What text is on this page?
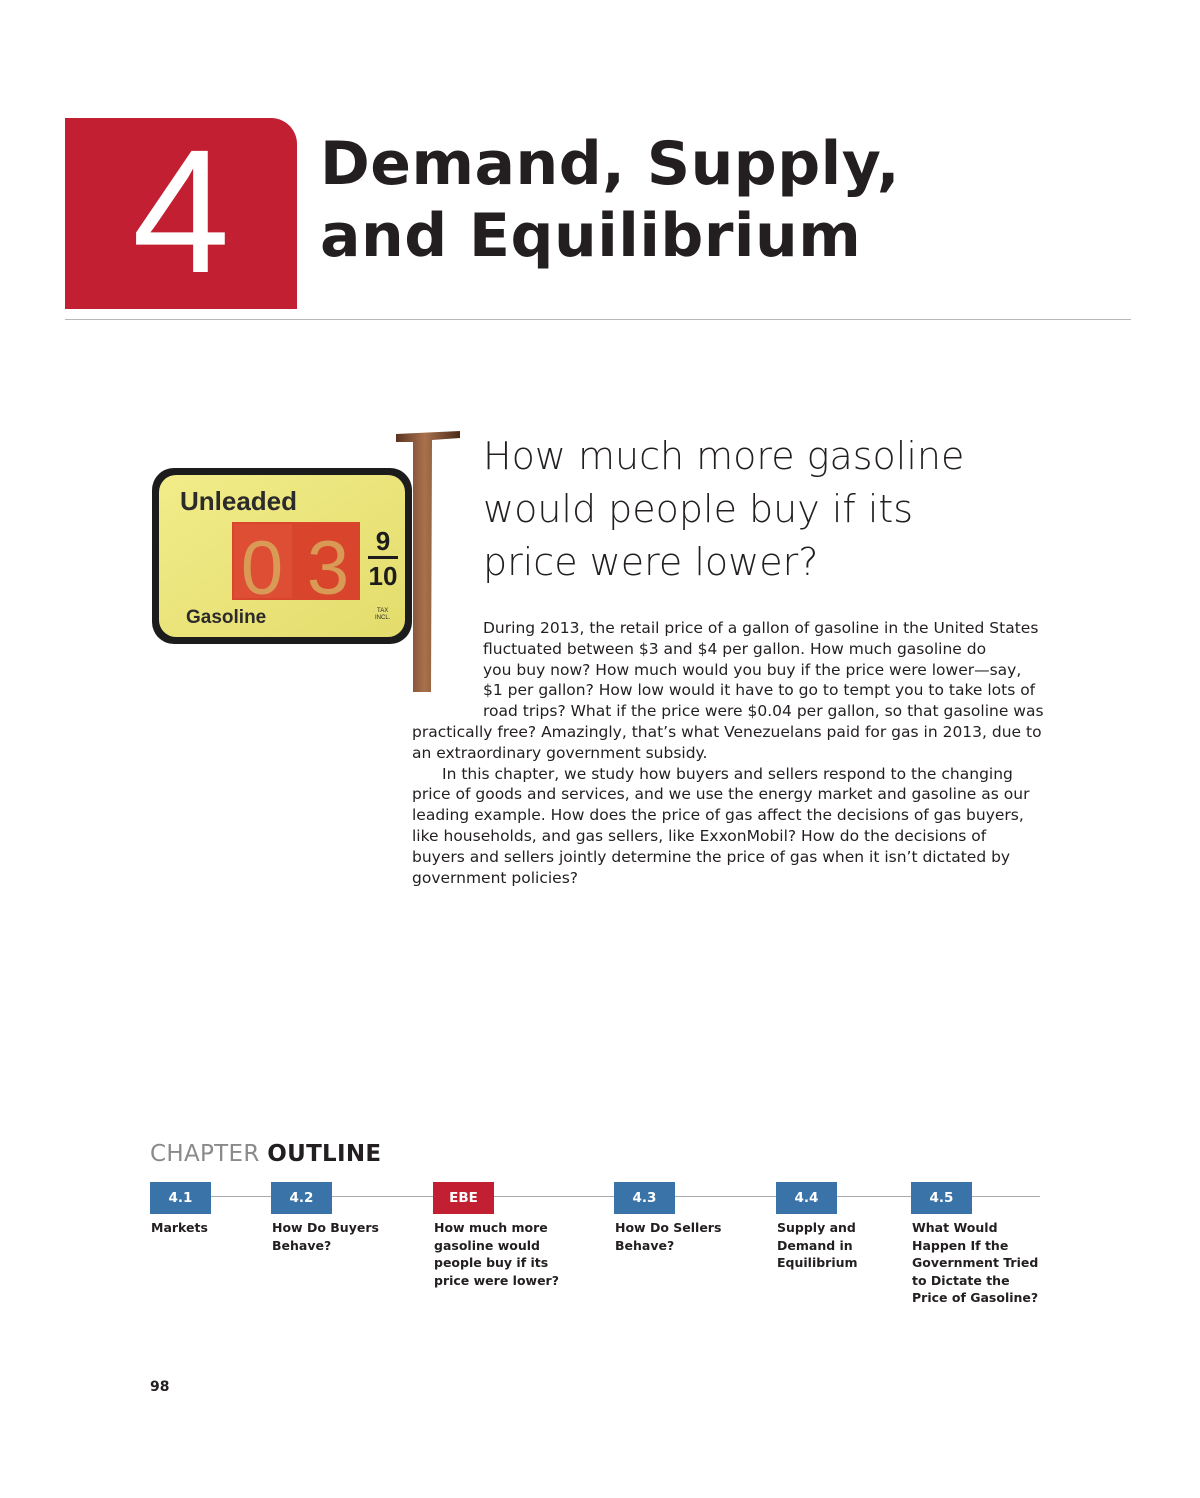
4	Demand, Supply,
and Equilibrium
Unleaded
0 3 9
10
TAX
INCL.
Gasoline
How much more gasoline
would people buy if its
price were lower?
During 2013, the retail price of a gallon of gasoline in the United States
fluctuated between $3 and $4 per gallon. How much gasoline do
you buy now? How much would you buy if the price were lower—say,
$1 per gallon? How low would it have to go to tempt you to take lots of
road trips? What if the price were $0.04 per gallon, so that gasoline was
practically free? Amazingly, that’s what Venezuelans paid for gas in 2013, due to
an extraordinary government subsidy.
In this chapter, we study how buyers and sellers respond to the changing
price of goods and services, and we use the energy market and gasoline as our
leading example. How does the price of gas affect the decisions of gas buyers,
like households, and gas sellers, like ExxonMobil? How do the decisions of
buyers and sellers jointly determine the price of gas when it isn’t dictated by
government policies?
CHAPTER OUTLINE
4.1
Markets
4.2
How Do Buyers
Behave?
EBE
How much more
gasoline would
people buy if its
price were lower?
4.3
How Do Sellers
Behave?
4.4
Supply and
Demand in
Equilibrium
4.5
What Would
Happen If the
Government Tried
to Dictate the
Price of Gasoline?
98
